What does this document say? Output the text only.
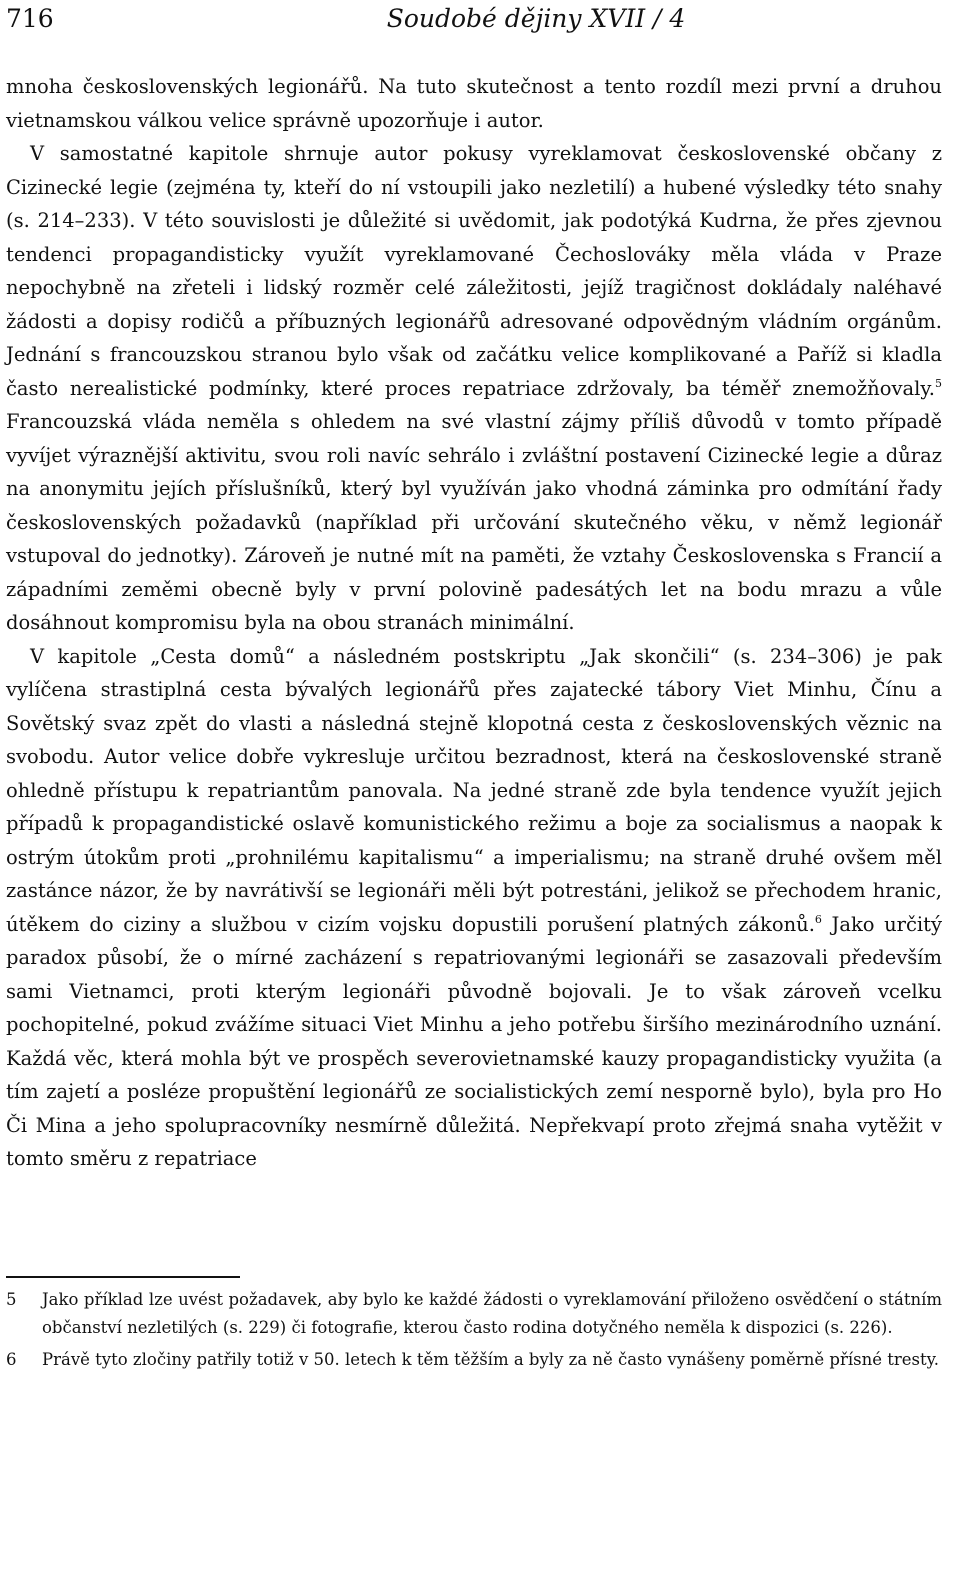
716	Soudobé dějiny XVII / 4

mnoha československých legionářů. Na tuto skutečnost a tento rozdíl mezi první a druhou vietnamskou válkou velice správně upozorňuje i autor.

V samostatné kapitole shrnuje autor pokusy vyreklamovat československé občany z Cizinecké legie (zejména ty, kteří do ní vstoupili jako nezletilí) a hubené výsledky této snahy (s. 214–233). V této souvislosti je důležité si uvědomit, jak podotýká Kudrna, že přes zjevnou tendenci propagandisticky využít vyreklamované Čechoslováky měla vláda v Praze nepochybně na zřeteli i lidský rozměr celé záležitosti, jejíž tragičnost dokládaly naléhavé žádosti a dopisy rodičů a příbuzných legionářů adresované odpovědným vládním orgánům. Jednání s francouzskou stranou bylo však od začátku velice komplikované a Paříž si kladla často nerealistické podmínky, které proces repatriace zdržovaly, ba téměř znemožňovaly.$^5$ Francouzská vláda neměla s ohledem na své vlastní zájmy příliš důvodů v tomto případě vyvíjet výraznější aktivitu, svou roli navíc sehrálo i zvláštní postavení Cizinecké legie a důraz na anonymitu jejích příslušníků, který byl využíván jako vhodná záminka pro odmítání řady československých požadavků (například při určování skutečného věku, v němž legionář vstupoval do jednotky). Zároveň je nutné mít na paměti, že vztahy Československa s Francií a západními zeměmi obecně byly v první polovině padesátých let na bodu mrazu a vůle dosáhnout kompromisu byla na obou stranách minimální.

V kapitole „Cesta domů“ a následném postskriptu „Jak skončili“ (s. 234–306) je pak vylíčena strastiplná cesta bývalých legionářů přes zajatecké tábory Viet Minhu, Čínu a Sovětský svaz zpět do vlasti a následná stejně klopotná cesta z československých věznic na svobodu. Autor velice dobře vykresluje určitou bezradnost, která na československé straně ohledně přístupu k repatriantům panovala. Na jedné straně zde byla tendence využít jejich případů k propagandistické oslavě komunistického režimu a boje za socialismus a naopak k ostrým útokům proti „prohnilému kapitalismu“ a imperialismu; na straně druhé ovšem měl zastánce názor, že by navrátivší se legionáři měli být potrestáni, jelikož se přechodem hranic, útěkem do ciziny a službou v cizím vojsku dopustili porušení platných zákonů.$^6$ Jako určitý paradox působí, že o mírné zacházení s repatriovanými legionáři se zasazovali především sami Vietnamci, proti kterým legionáři původně bojovali. Je to však zároveň vcelku pochopitelné, pokud zvážíme situaci Viet Minhu a jeho potřebu širšího mezinárodního uznání. Každá věc, která mohla být ve prospěch severovietnamské kauzy propagandisticky využita (a tím zajetí a posléze propuštění legionářů ze socialistických zemí nesporně bylo), byla pro Ho Či Mina a jeho spolupracovníky nesmírně důležitá. Nepřekvapí proto zřejmá snaha vytěžit v tomto směru z repatriace

5 Jako příklad lze uvést požadavek, aby bylo ke každé žádosti o vyreklamování přiloženo osvědčení o státním občanství nezletilých (s. 229) či fotografie, kterou často rodina dotyčného neměla k dispozici (s. 226).

6 Právě tyto zločiny patřily totiž v 50. letech k těm těžším a byly za ně často vynášeny poměrně přísné tresty.
